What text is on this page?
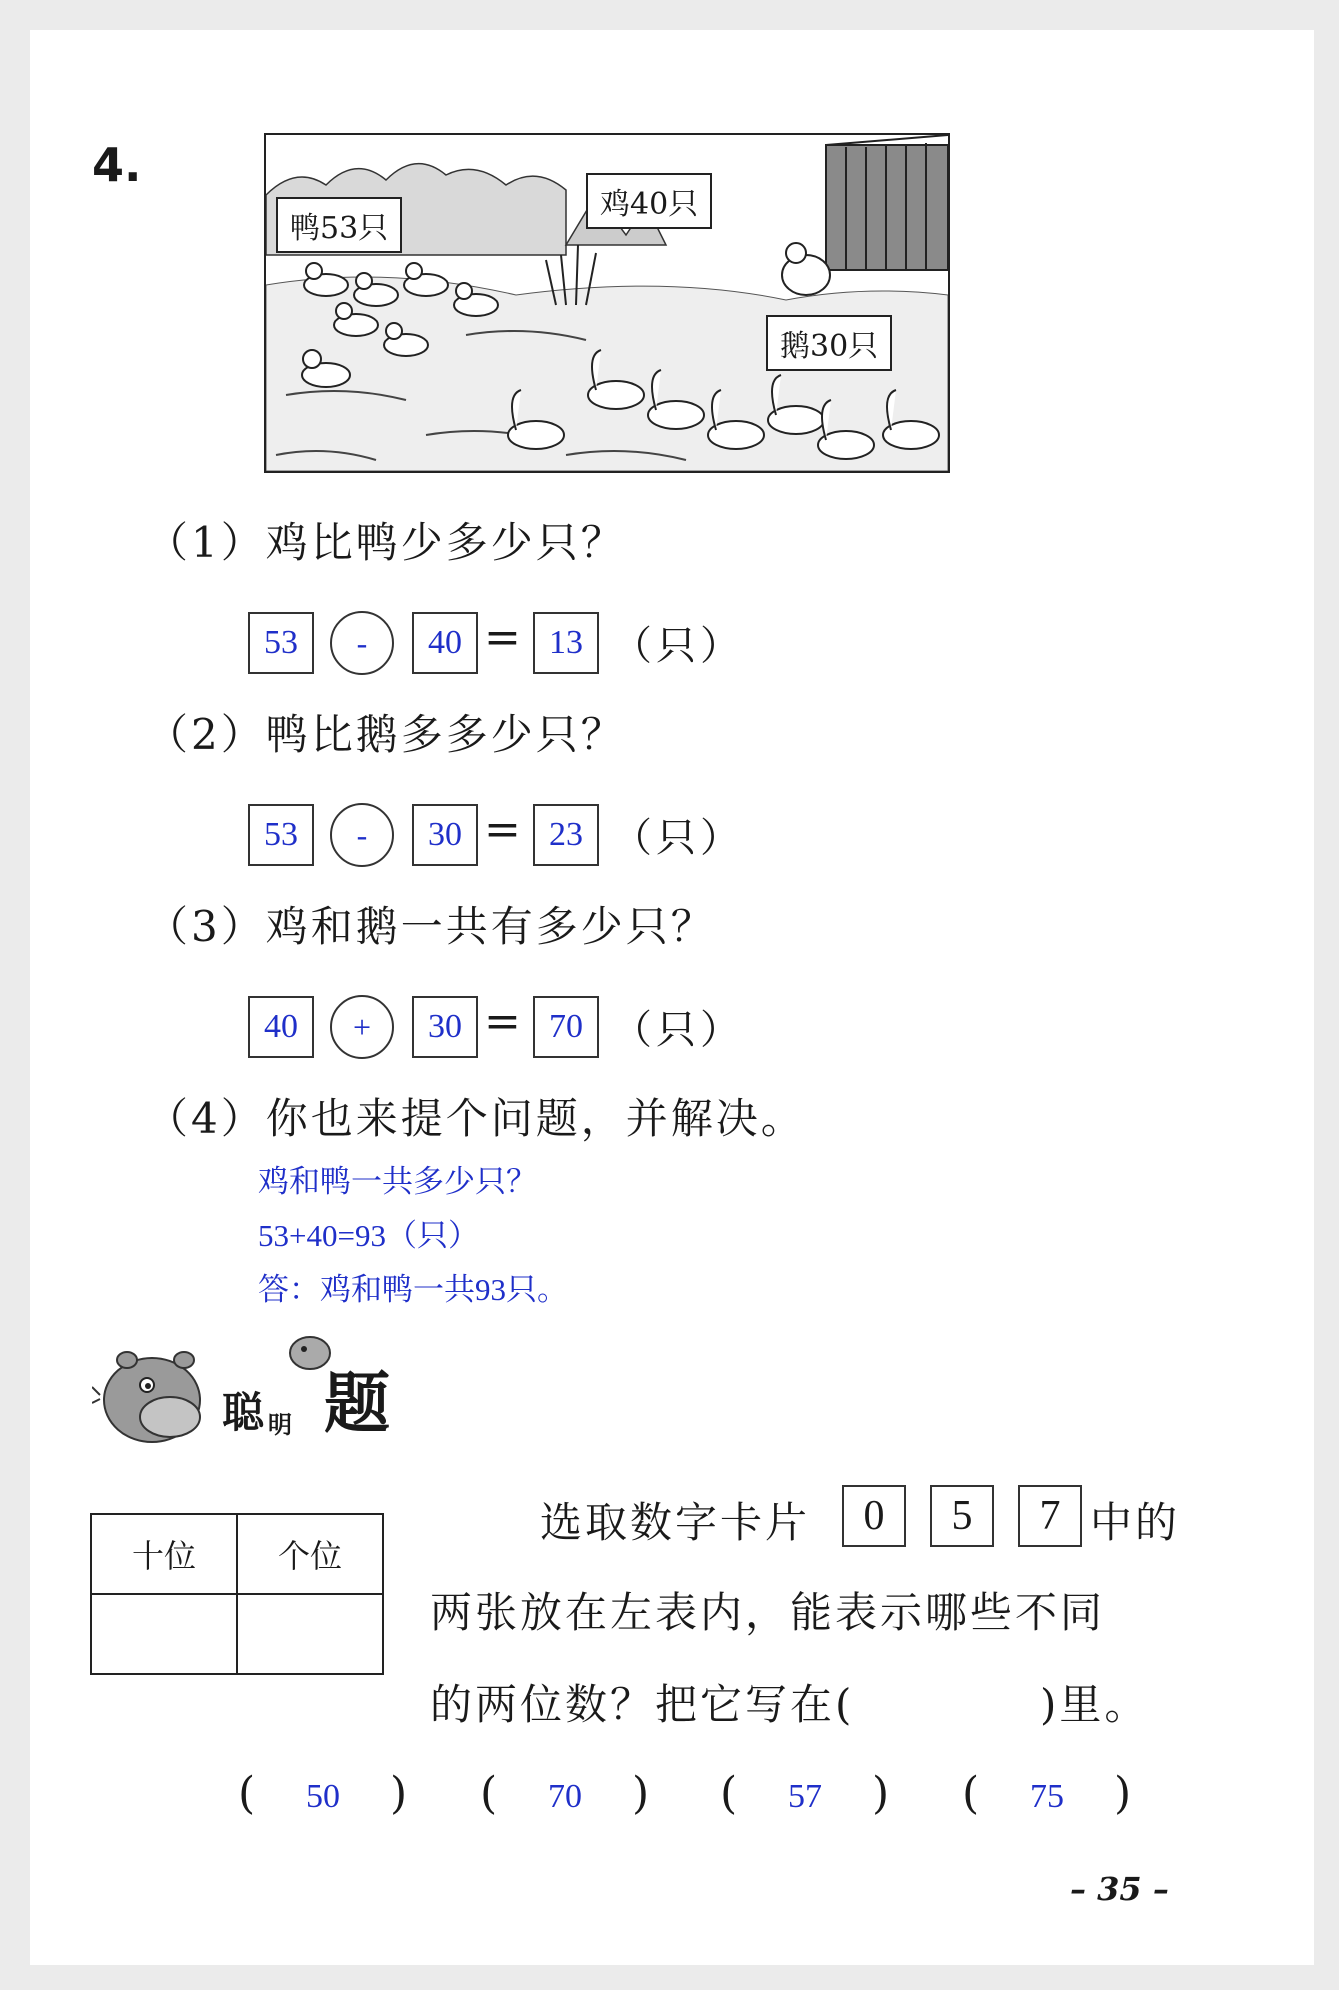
4.
鸭53只
鸡40只
鹅30只
（1）鸡比鸭少多少只？
53	-	40 = 13 （只）
（2）鸭比鹅多多少只？
53	-	30 = 23 （只）
（3）鸡和鹅一共有多少只？
40	+	30 = 70 （只）
（4）你也来提个问题，并解决。
鸡和鸭一共多少只？
53+40=93（只）
答：鸡和鸭一共93只。
聪 明 题
十位	个位

选取数字卡片	0	5	7 中的
两张放在左表内，能表示哪些不同
的两位数？把它写在(	)里。
( 50 ) ( 70 ) ( 57 ) ( 75 )
– 35 –
